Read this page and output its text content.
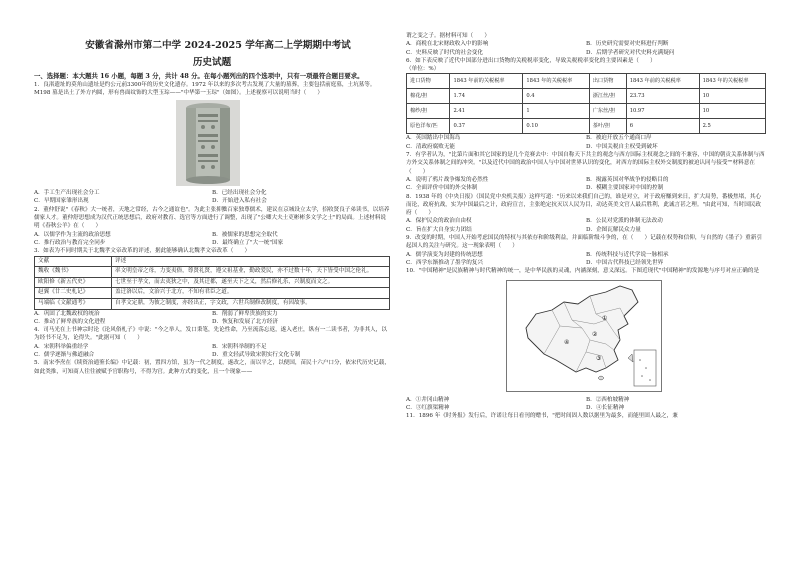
安徽省滁州市第二中学 2024-2025 学年高二上学期期中考试
历史试题

一、选择题：本大题共 16 小题，每题 3 分，共计 48 分。在每小题列出的四个选项中，只有一项最符合题目要求。

1．良渚遗址的莫角山遗址是约公元前3300年的历史文化遗存。1972 年以来的多次考古发现了大量的墓葬，主要包括前庭墓，土坑墓等。M198 墓是出土了外方内圆，形有兽面纹饰的大型玉琮——"中华第一玉琮"（如图）。上述视察可以说明当时（　　）

A．手工生产出现社会分工	B．已经出现社会分化
C．早期国家雏形出现	D．开始进入私有社会

2．董仲舒说"《春秋》大一统者，天地之常经，古今之通谊也"。为此主张抑黜百家独尊儒术，建议在京城设立太学，招收贤良子弟读书，以培养儒家人才。董仲舒思想成为汉代正统思想后，政府对教育、选官等方面进行了调整，出现了"公卿大夫士吏彬彬多文学之士"的局面。上述材料说明《春秋公羊》在（　　）

A．以儒学作为主流的政治思想	B．被儒家的思想完全取代
C．推行政治与教育完全同步	D．最终确立了"大一统"国家

3．如表为不同时期关于北魏孝文帝改革的评述，据此能够确认北魏孝文帝改革（　　）

文献	评述
魏收《魏书》	率文明皇帝之母，力变夷俗，尊贤礼贤，遵父祖基业，勤政爱民，亦不过数十年，天下皆受中国之伦礼。
欧阳修《新五代史》	七世至于孝文，而去夷狄之中，及其迁都，遂至天下之义，然后修礼乐，兴制度而文之。
赵翼《廿二史札记》	盖迁洛以后，文治兴于北方，不知有君臣之道。
马端临《文献通考》	自孝文定鼎，为彼之制度，亦经出正，字文政，六世兵制修改制度，有因故事。
A．巩固了北魏政权的统治	B．削弱了鲜卑贵族的实力
C．推动了鲜卑族的文化进程	D．恢复和发展了北方经济

4．司马光在上书神宗时论《论风俗札子》中说："今之举人，发口秉笔，先论性命，乃至流荡忘返，遂入老庄，纵有一二读书者，为非其人，以为经书不足为，论得失。"此据可知（　　）

A．宋朝科举偏重经学	B．宋朝科举制的不足
C．儒学逐渐与佛道融合	D．重文轻武导致宋朝实行文化专制

5．南宋李焘在《续资治通鉴长编》中记载：初，置四方馆，虽为一代之制度，遂改之，而以平之，以便国，苗民十六户口分，依宋代历史记载，如此类推，可知商人往往被赋予官职称号，不得为官。此种方式的变化，且一个现象——

谓之变之子。据材料可知（　　）

A．商税在北宋财政收入中的影响	B．历史研究需要对史料进行判断
C．史料反映了时代的社会变化	D．后期学者研究对代史料充满疑问

6．如下表反映了近代中国部分进出口货物的关税税率变化，导致关税税率变化的主要因素是（　　）

（单位：%）

进口货物	1843 年前的关税税率	1843 年的关税税率	出口货物	1843 年前的关税税率	1843 年的关税税率
棉花/担	1.74	0.4	浙江丝/担	23.73	10
棉纱/担	2.41	1	广东丝/担	10.97	10
原色洋布/匹	0.37	0.10	茶叶/担	6	2.5
A．英国踏出中国海岛	B．被迫开放五个通商口岸
C．清政府腐败无能	D．中国关税自主权受到破坏

7．有学者认为，"比第片面和其它国家的是几个竞赛去中：中国自称天下共主的观念与西方国际主权观念之间的不兼容，中国的朝贡关系体制与西方外交关系体制之间的冲突。"以及近代中国的政治中国人与中国对世界认识的变化，对西方的国际主权外交制度的被迫认同与接受""材料意在（　　）

A．说明了鸦片战争爆发的必然性	B．揭露英国对华战争的侵略目的
C．全面评价中国的外交体制	D．模糊主要国家对中国的控制

8．1938 年的《中央日报》（国民党中央机关报）这样写道："历来以来我们自己的，谁是对立，对于政府赚到来日，扩大局势，番极焦堵，其心而论，政府抗战，实为中国最后之计，政府宣言，主张绝定抗灭以人民为目，动达英美文官人最后胜利，此诚言甚之理。"由此可知，当时国民政府（　　）

A．保护民众的政治自由权	B．公民对党派的体制无法改动
C．旨在扩大自身实力团结	D．企图瓦解民众力量

9．改变的时期，中国人开始考虑国民的特权与其依存和阶级利益，并面临阶级斗争的，在（　　）记载在权势和信仰，与自然的《墨子》重新引起国人的关注与研究。这一现象表明（　　）

A．儒学演变为封建的传统思想	B．传统科技与近代学说一脉相承
C．西学东渐推动了墨学的复兴	D．中国古代科技已经领先世界

10．"中国精神"是民族精神与时代精神的统一，是中华民族的灵魂，内涵深刻，意义深远。下图近现代"中国精神"的发源地与序号对应正确的是

①
②
③
④
A．①井冈山精神	B．②西柏坡精神
C．③红旗渠精神	D．④长征精神

11．1896 年《时务报》发行后，许诺让每日看刊的赠书，"把时间固人数以据里为最多，而能里固人最之，兼
